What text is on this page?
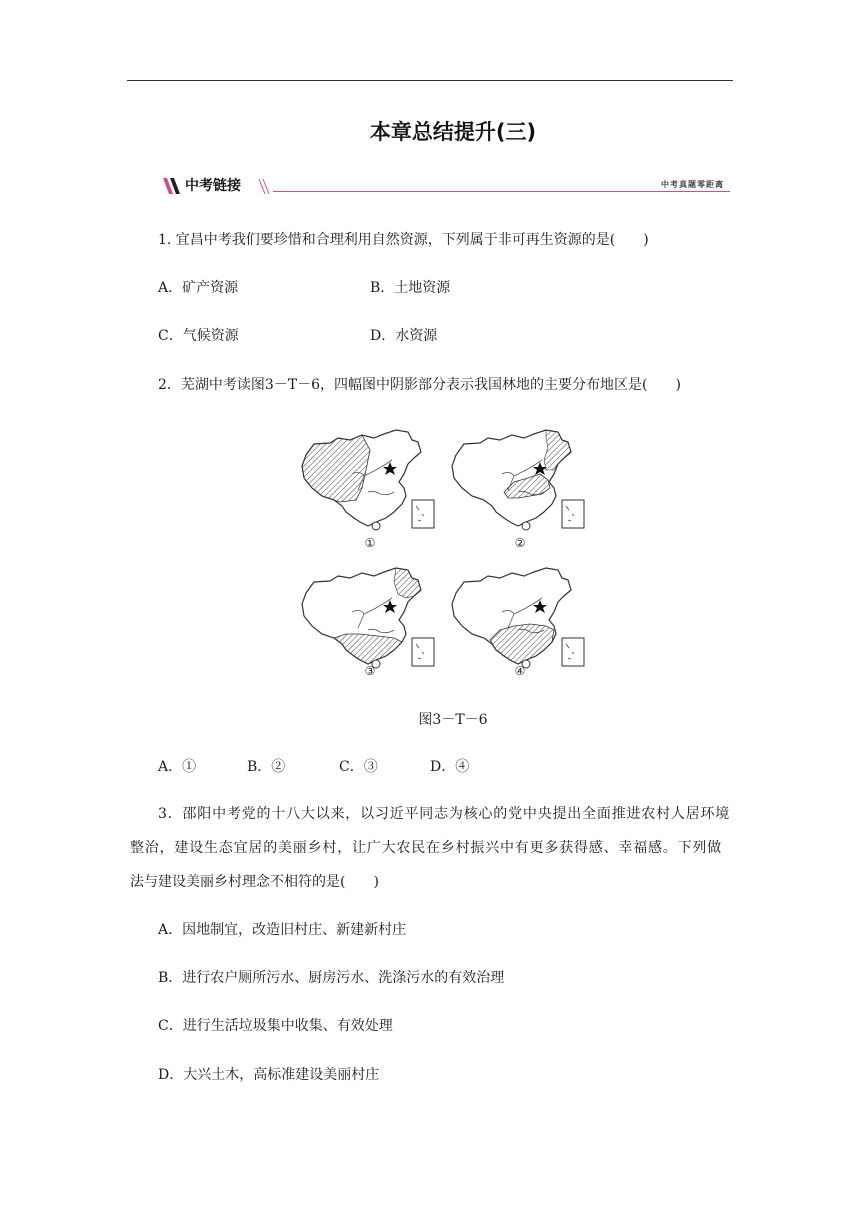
本章总结提升(三)
中考链接	中考真题零距离
1. 宜昌中考我们要珍惜和合理利用自然资源，下列属于非可再生资源的是(　　)
A．矿产资源	B．土地资源
C．气候资源	D．水资源
2．芜湖中考读图3－T－6，四幅图中阴影部分表示我国林地的主要分布地区是(　　)
①	②
③	④
图3－T－6
A．①	B．②	C．③	D．④
3．邵阳中考党的十八大以来，以习近平同志为核心的党中央提出全面推进农村人居环境
整治，建设生态宜居的美丽乡村，让广大农民在乡村振兴中有更多获得感、幸福感。下列做
法与建设美丽乡村理念不相符的是(　　)
A．因地制宜，改造旧村庄、新建新村庄
B．进行农户厕所污水、厨房污水、洗涤污水的有效治理
C．进行生活垃圾集中收集、有效处理
D．大兴土木，高标准建设美丽村庄
